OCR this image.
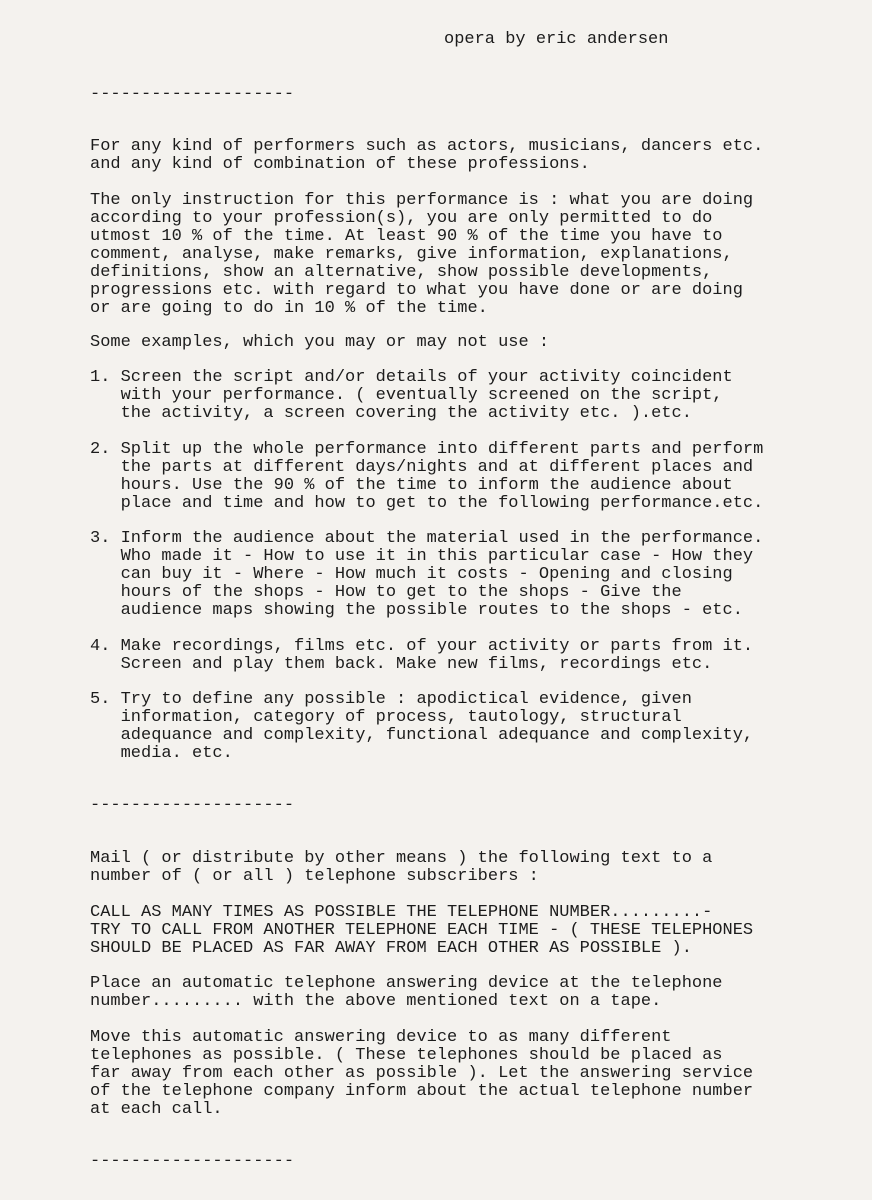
opera by eric andersen
--------------------
For any kind of performers such as actors, musicians, dancers etc.
and any kind of combination of these professions.
The only instruction for this performance is : what you are doing
according to your profession(s), you are only permitted to do
utmost 10 % of the time. At least 90 % of the time you have to
comment, analyse, make remarks, give information, explanations,
definitions, show an alternative, show possible developments,
progressions etc. with regard to what you have done or are doing
or are going to do in 10 % of the time.
Some examples, which you may or may not use :
1. Screen the script and/or details of your activity coincident
with your performance. ( eventually screened on the script,
the activity, a screen covering the activity etc. ).etc.
2. Split up the whole performance into different parts and perform
the parts at different days/nights and at different places and
hours. Use the 90 % of the time to inform the audience about
place and time and how to get to the following performance.etc.
3. Inform the audience about the material used in the performance.
Who made it - How to use it in this particular case - How they
can buy it - Where - How much it costs - Opening and closing
hours of the shops - How to get to the shops - Give the
audience maps showing the possible routes to the shops - etc.
4. Make recordings, films etc. of your activity or parts from it.
Screen and play them back. Make new films, recordings etc.
5. Try to define any possible : apodictical evidence, given
information, category of process, tautology, structural
adequance and complexity, functional adequance and complexity,
media. etc.
--------------------
Mail ( or distribute by other means ) the following text to a
number of ( or all ) telephone subscribers :
CALL AS MANY TIMES AS POSSIBLE THE TELEPHONE NUMBER.........-
TRY TO CALL FROM ANOTHER TELEPHONE EACH TIME - ( THESE TELEPHONES
SHOULD BE PLACED AS FAR AWAY FROM EACH OTHER AS POSSIBLE ).
Place an automatic telephone answering device at the telephone
number......... with the above mentioned text on a tape.
Move this automatic answering device to as many different
telephones as possible. ( These telephones should be placed as
far away from each other as possible ). Let the answering service
of the telephone company inform about the actual telephone number
at each call.
--------------------
